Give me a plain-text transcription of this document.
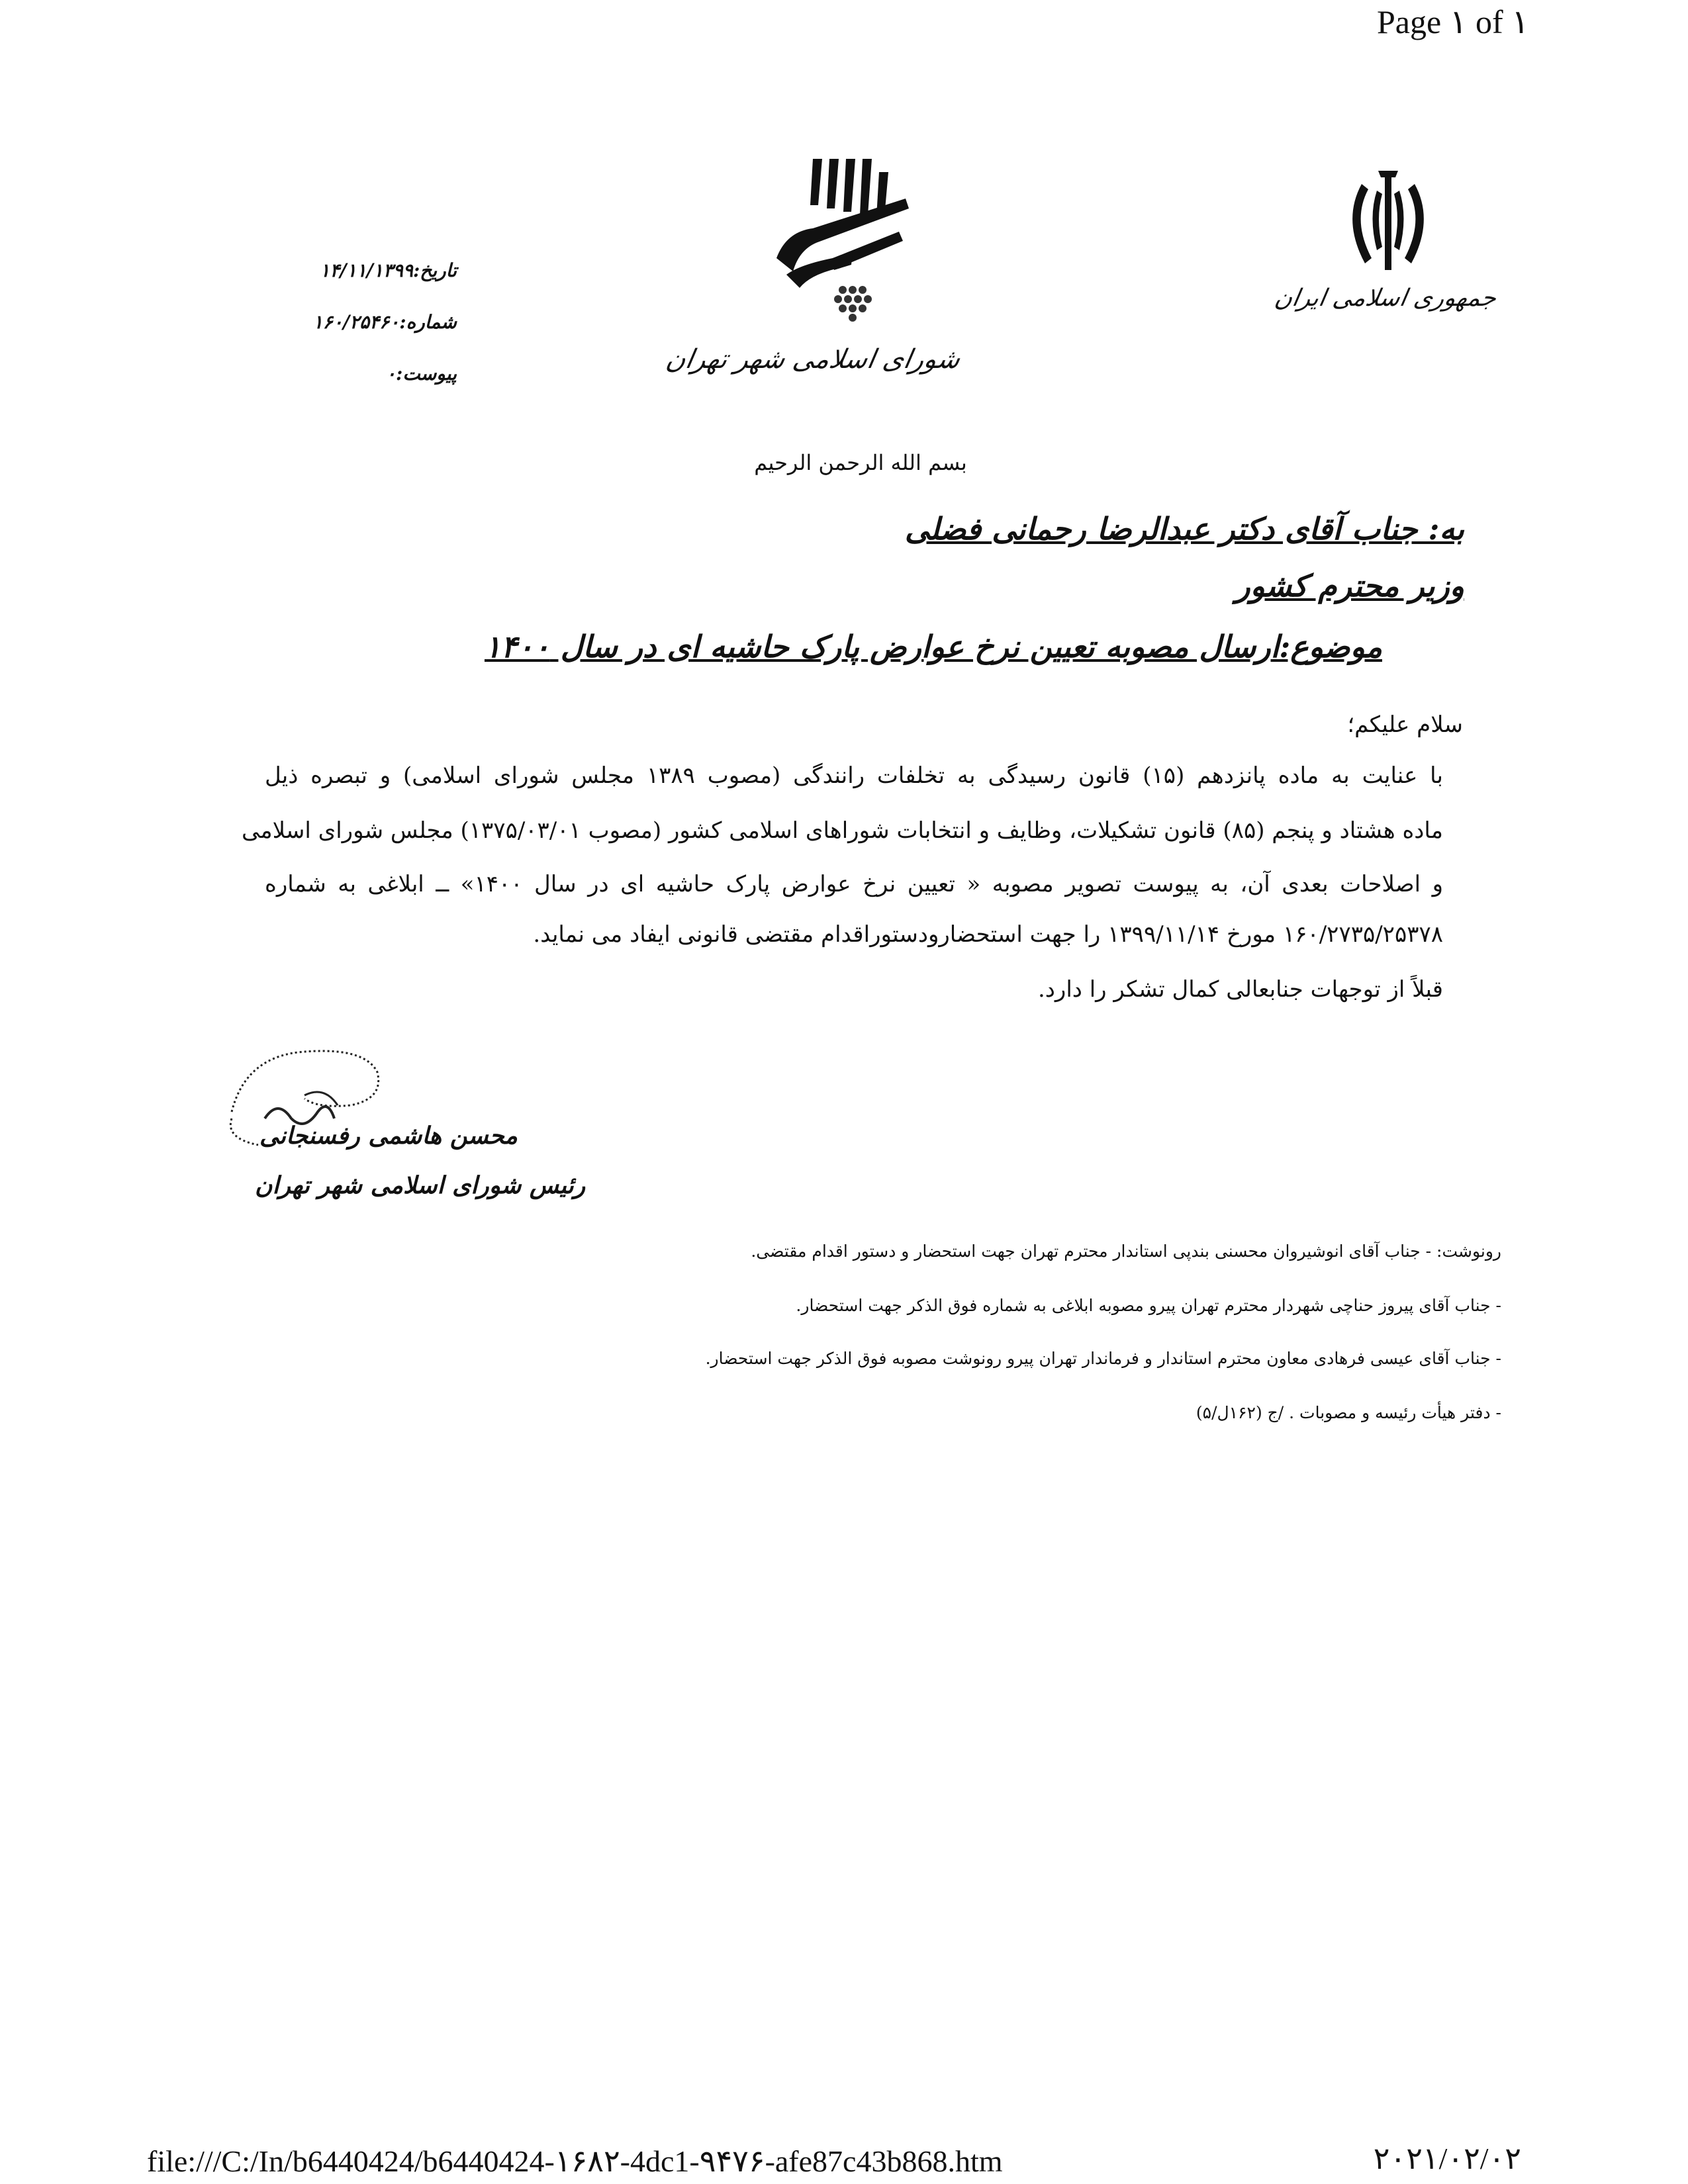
Page ۱ of ۱
تاریخ:۱۴/۱۱/۱۳۹۹
شماره:۱۶۰/۲۵۴۶۰
پیوست:۰	شورای اسلامی شهر تهران
جمهوری اسلامی ایران
بسم الله الرحمن الرحیم
به: جناب آقای دکتر عبدالرضا رحمانی فضلی
وزیر محترم کشور
موضوع:ارسال مصوبه تعیین نرخ عوارض پارک حاشیه ای در سال ۱۴۰۰
سلام علیکم؛
با عنایت به ماده پانزدهم (۱۵) قانون رسیدگی به تخلفات رانندگی (مصوب ۱۳۸۹ مجلس شورای اسلامی) و تبصره ذیل
ماده هشتاد و پنجم (۸۵) قانون تشکیلات، وظایف و انتخابات شوراهای اسلامی کشور (مصوب ۱۳۷۵/۰۳/۰۱) مجلس شورای اسلامی
و اصلاحات بعدی آن، به پیوست تصویر مصوبه « تعیین نرخ عوارض پارک حاشیه ای در سال ۱۴۰۰» ــ ابلاغی به شماره
۱۶۰/۲۷۳۵/۲۵۳۷۸ مورخ ۱۳۹۹/۱۱/۱۴ را جهت استحضارودستوراقدام مقتضی قانونی ایفاد می نماید.
قبلاً از توجهات جنابعالی کمال تشکر را دارد.
محسن هاشمی رفسنجانی
رئیس شورای اسلامی شهر تهران
رونوشت: - جناب آقای انوشیروان محسنی بندپی استاندار محترم تهران جهت استحضار و دستور اقدام مقتضی.
- جناب آقای پیروز حناچی شهردار محترم تهران پیرو مصوبه ابلاغی به شماره فوق الذکر جهت استحضار.
- جناب آقای عیسی فرهادی معاون محترم استاندار و فرماندار تهران پیرو رونوشت مصوبه فوق الذکر جهت استحضار.
- دفتر هیأت رئیسه و مصوبات . /ج (۱۶۲ل/۵)
file:///C:/In/b6440424/b6440424-۱۶۸۲-4dc1-۹۴۷۶-afe87c43b868.htm	۲۰۲۱/۰۲/۰۲
